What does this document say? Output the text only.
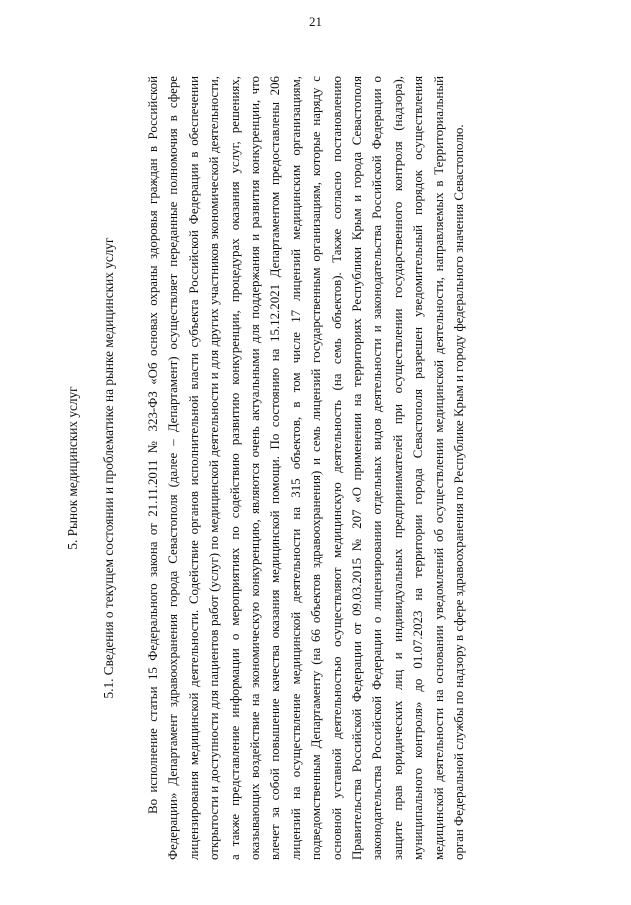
21

5. Рынок медицинских услуг 5.1. Сведения о текущем состоянии и проблематике на рынке медицинских услуг Во исполнение статьи 15 Федерального закона от 21.11.2011 № 323-ФЗ «Об основах охраны здоровья граждан в Российской Федерации» Департамент здравоохранения города Севастополя (далее – Департамент) осуществляет переданные полномочия в сфере лицензирования медицинской деятельности. Содействие органов исполнительной власти субъекта Российской Федерации в обеспечении открытости и доступности для пациентов работ (услуг) по медицинской деятельности и для других участников экономической деятельности, а также представление информации о мероприятиях по содействию развитию конкуренции, процедурах оказания услуг, решениях, оказывающих воздействие на экономическую конкуренцию, являются очень актуальными для поддержания и развития конкуренции, что влечет за собой повышение качества оказания медицинской помощи. По состоянию на 15.12.2021 Департаментом предоставлены 206 лицензий на осуществление медицинской деятельности на 315 объектов, в том числе 17 лицензий медицинским организациям, подведомственным Департаменту (на 66 объектов здравоохранения) и семь лицензий государственным организациям, которые наряду с основной уставной деятельностью осуществляют медицинскую деятельность (на семь объектов). Также согласно постановлению Правительства Российской Федерации от 09.03.2015 № 207 «О применении на территориях Республики Крым и города Севастополя законодательства Российской Федерации о лицензировании отдельных видов деятельности и законодательства Российской Федерации о защите прав юридических лиц и индивидуальных предпринимателей при осуществлении государственного контроля (надзора), муниципального контроля» до 01.07.2023 на территории города Севастополя разрешен уведомительный порядок осуществления медицинской деятельности на основании уведомлений об осуществлении медицинской деятельности, направляемых в Территориальный орган Федеральной службы по надзору в сфере здравоохранения по Республике Крым и городу федерального значения Севастополю.
